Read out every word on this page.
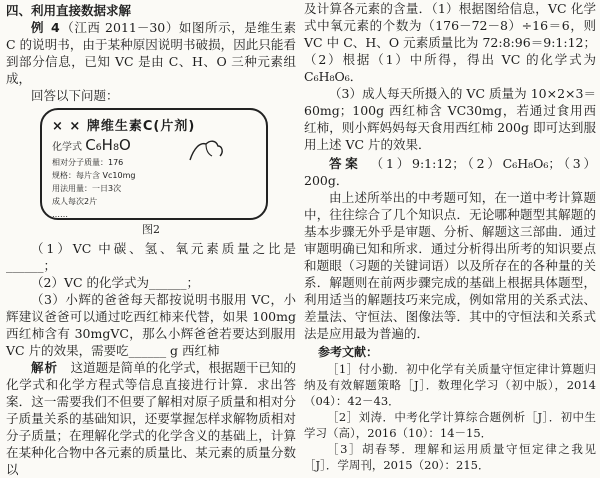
四、利用直接数据求解

例 4（江西 2011－30）如图所示，是维生素 C 的说明书，由于某种原因说明书破损，因此只能看到部分信息，已知 VC 是由 C、H、O 三种元素组成，

回答以下问题：

× × 牌维生素C(片剂)
化学式 C₆H₈O
相对分子质量：176
规格：每片含 Vc10mg
用法用量：一日3次
成人每次2片
……
图2

（1）VC 中碳、氢、氧元素质量之比是______；

（2）VC 的化学式为______；

（3）小辉的爸爸每天都按说明书服用 VC，小辉建议爸爸可以通过吃西红柿来代替，如果 100mg 西红柿含有 30mgVC，那么小辉爸爸若要达到服用 VC 片的效果，需要吃______ g 西红柿

解析　 这道题是简单的化学式，根据题干已知的化学式和化学方程式等信息直接进行计算．求出答案．这一需要我们不但要了解相对原子质量和相对分子质量关系的基础知识，还要掌握怎样求解物质相对分子质量；在理解化学式的化学含义的基础上，计算在某种化合物中各元素的质量比、某元素的质量分数以

及计算各元素的含量．（1）根据图给信息，VC 化学式中氧元素的个数为（176－72－8）÷16＝6，则 VC 中 C、H、O 元素质量比为 72:8:96＝9:1:12；（2）根据（1）中所得，得出 VC 的化学式为 C₆H₈O₆．

（3）成人每天所摄入的 VC 质量为 10×2×3＝60mg；100g 西红柿含 VC30mg，若通过食用西红柿，则小辉妈妈每天食用西红柿 200g 即可达到服用上述 VC 片的效果．

答案　 （1）9:1:12；（2）C₆H₈O₆；（3）200g．

由上述所举出的中考题可知，在一道中考计算题中，往往综合了几个知识点．无论哪种题型其解题的基本步骤无外乎是审题、分析、解题这三部曲．通过审题明确已知和所求．通过分析得出所考的知识要点和题眼（习题的关键词语）以及所存在的各种量的关系．解题则在前两步骤完成的基础上根据具体题型，利用适当的解题技巧来完成，例如常用的关系式法、差量法、守恒法、图像法等．其中的守恒法和关系式法是应用最为普遍的．

参考文献：

［1］付小勤．初中化学有关质量守恒定律计算题归纳及有效解题策略［J］．数理化学习（初中版），2014（04）：42－43．

［2］刘涛．中考化学计算综合题例析［J］．初中生学习（高），2016（10）：14－15．

［3］胡春琴．理解和运用质量守恒定律之我见［J］．学周刊，2015（20）：215．
